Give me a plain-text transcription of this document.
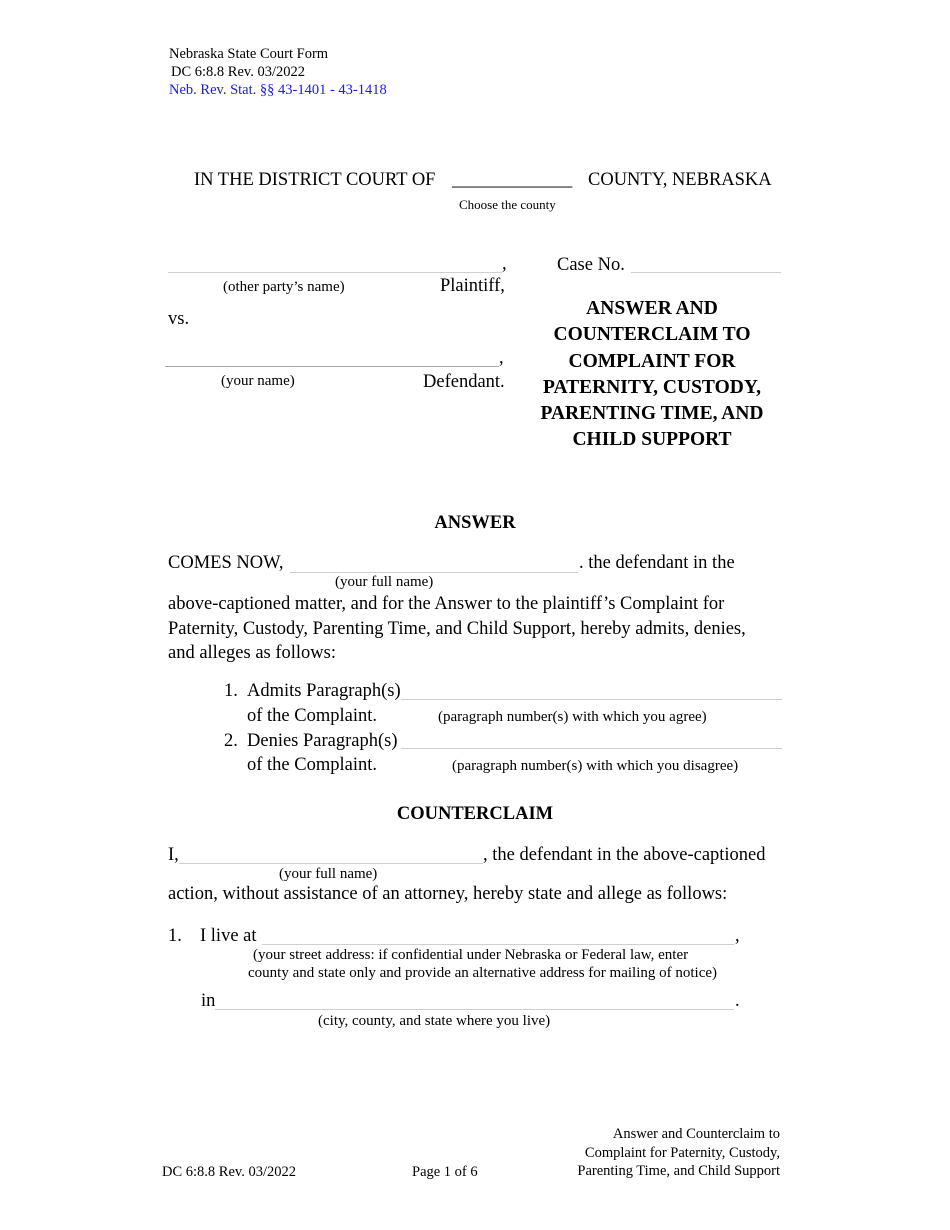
Nebraska State Court Form
DC 6:8.8 Rev. 03/2022
Neb. Rev. Stat. §§ 43-1401 - 43-1418
IN THE DISTRICT COURT OF _____________ COUNTY, NEBRASKA
Choose the county
,
(other party’s name)	Plaintiff,
vs.
,
(your name)	Defendant.
Case No.
ANSWER AND COUNTERCLAIM TO COMPLAINT FOR PATERNITY, CUSTODY, PARENTING TIME, AND CHILD SUPPORT
ANSWER
COMES NOW,	. the defendant in the
(your full name)
above-captioned matter, and for the Answer to the plaintiff’s Complaint for Paternity, Custody, Parenting Time, and Child Support, hereby admits, denies, and alleges as follows:
1. Admits Paragraph(s)
of the Complaint.	(paragraph number(s) with which you agree)
2. Denies Paragraph(s)
of the Complaint.	(paragraph number(s) with which you disagree)
COUNTERCLAIM
I,	, the defendant in the above-captioned
(your full name)
action, without assistance of an attorney, hereby state and allege as follows:
1. I live at	,
(your street address: if confidential under Nebraska or Federal law, enter
county and state only and provide an alternative address for mailing of notice)
in	.
(city, county, and state where you live)
DC 6:8.8 Rev. 03/2022	Page 1 of 6
Answer and Counterclaim to
Complaint for Paternity, Custody,
Parenting Time, and Child Support
